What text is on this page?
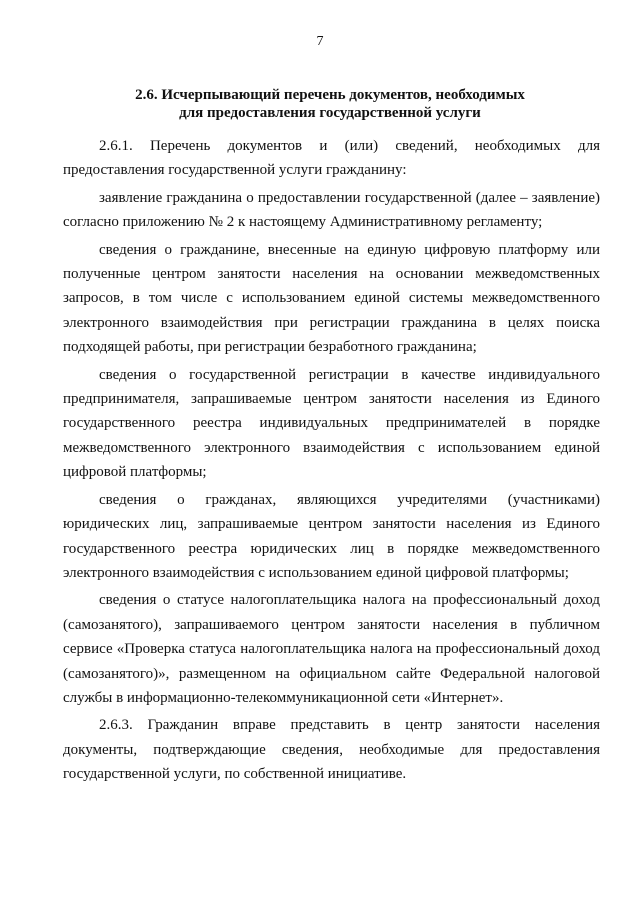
7
2.6. Исчерпывающий перечень документов, необходимых
для предоставления государственной услуги

2.6.1. Перечень документов и (или) сведений, необходимых для предоставления государственной услуги гражданину:

заявление гражданина о предоставлении государственной (далее – заявление) согласно приложению № 2 к настоящему Административному регламенту;

сведения о гражданине, внесенные на единую цифровую платформу или полученные центром занятости населения на основании межведомственных запросов, в том числе с использованием единой системы межведомственного электронного взаимодействия при регистрации гражданина в целях поиска подходящей работы, при регистрации безработного гражданина;

сведения о государственной регистрации в качестве индивидуального предпринимателя, запрашиваемые центром занятости населения из Единого государственного реестра индивидуальных предпринимателей в порядке межведомственного электронного взаимодействия с использованием единой цифровой платформы;

сведения о гражданах, являющихся учредителями (участниками) юридических лиц, запрашиваемые центром занятости населения из Единого государственного реестра юридических лиц в порядке межведомственного электронного взаимодействия с использованием единой цифровой платформы;

сведения о статусе налогоплательщика налога на профессиональный доход (самозанятого), запрашиваемого центром занятости населения в публичном сервисе «Проверка статуса налогоплательщика налога на профессиональный доход (самозанятого)», размещенном на официальном сайте Федеральной налоговой службы в информационно-телекоммуникационной сети «Интернет».

2.6.3. Гражданин вправе представить в центр занятости населения документы, подтверждающие сведения, необходимые для предоставления государственной услуги, по собственной инициативе.
